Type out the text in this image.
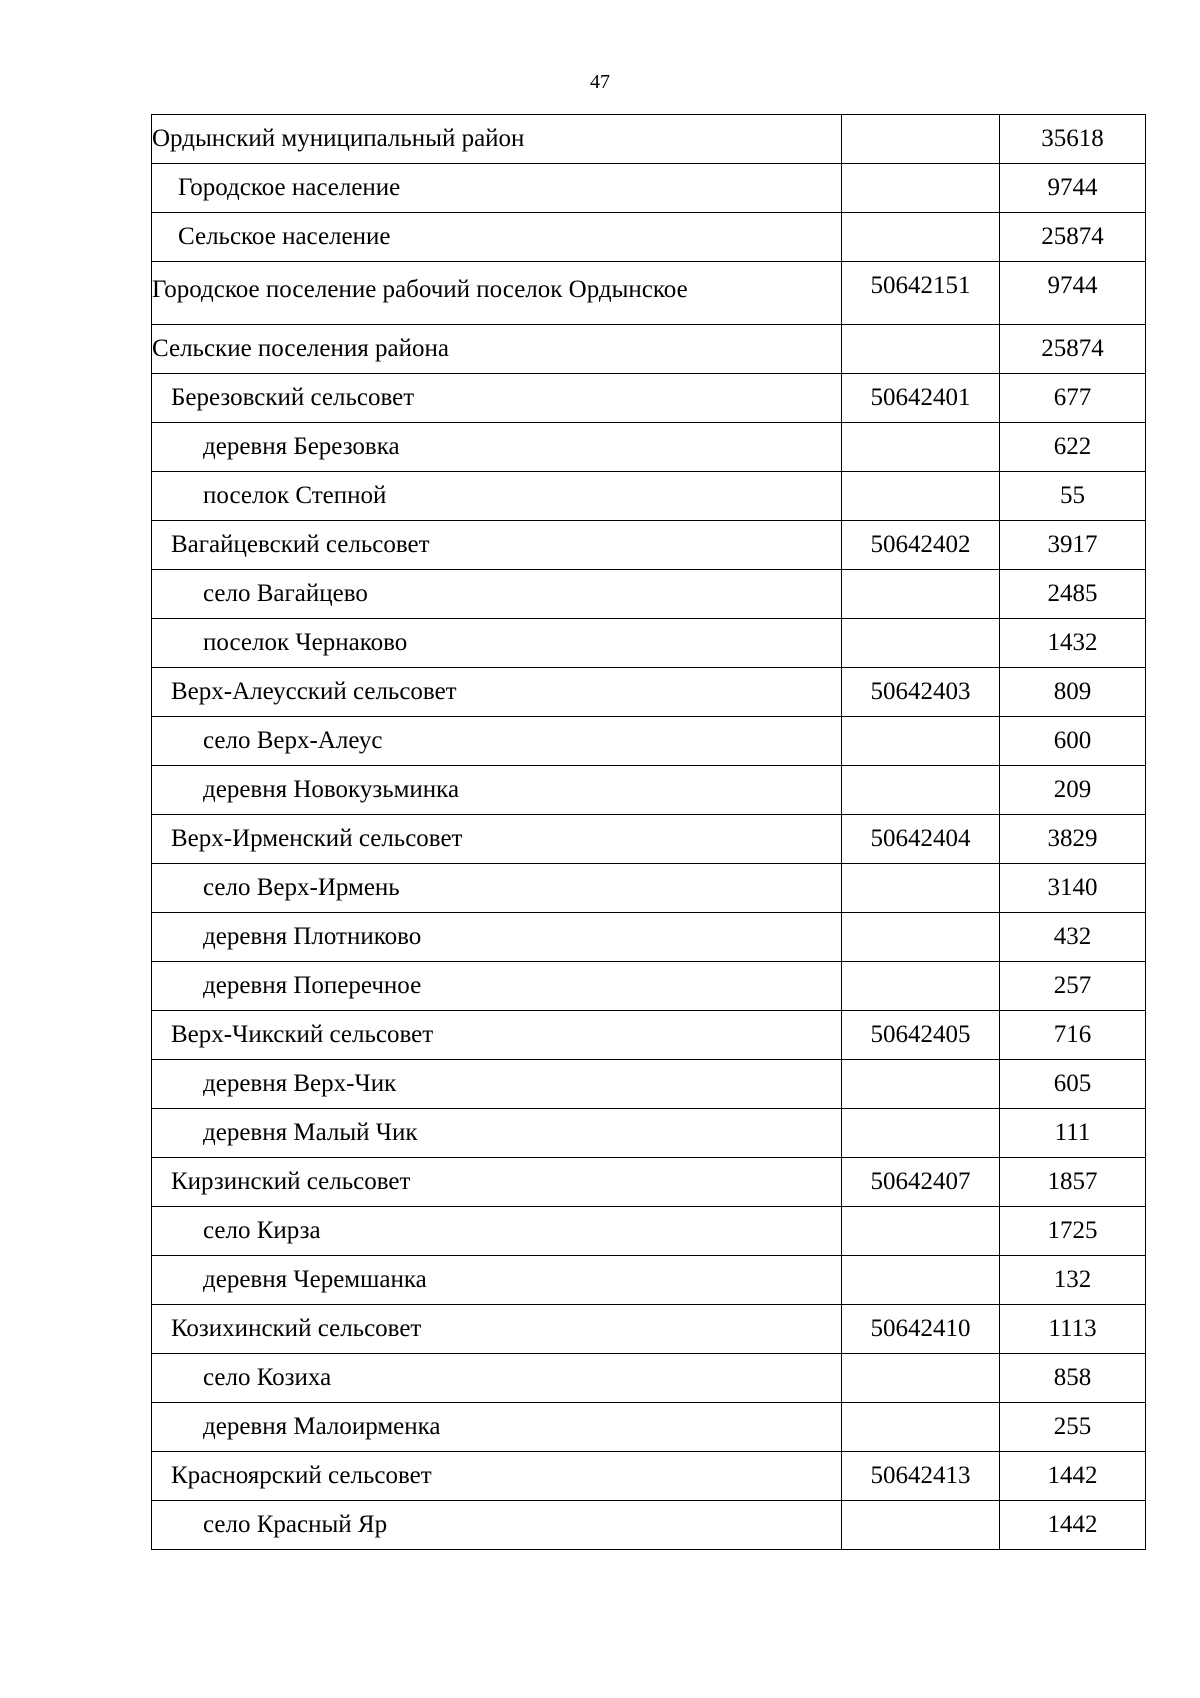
47
Ордынский муниципальный район		35618
Городское население		9744
Сельское население		25874
Городское поселение рабочий поселок Ордынское	50642151	9744
Сельские поселения района		25874
Березовский сельсовет	50642401	677
деревня Березовка		622
поселок Степной		55
Вагайцевский сельсовет	50642402	3917
село Вагайцево		2485
поселок Чернаково		1432
Верх-Алеусский сельсовет	50642403	809
село Верх-Алеус		600
деревня Новокузьминка		209
Верх-Ирменский сельсовет	50642404	3829
село Верх-Ирмень		3140
деревня Плотниково		432
деревня Поперечное		257
Верх-Чикский сельсовет	50642405	716
деревня Верх-Чик		605
деревня Малый Чик		111
Кирзинский сельсовет	50642407	1857
село Кирза		1725
деревня Черемшанка		132
Козихинский сельсовет	50642410	1113
село Козиха		858
деревня Малоирменка		255
Красноярский сельсовет	50642413	1442
село Красный Яр		1442
